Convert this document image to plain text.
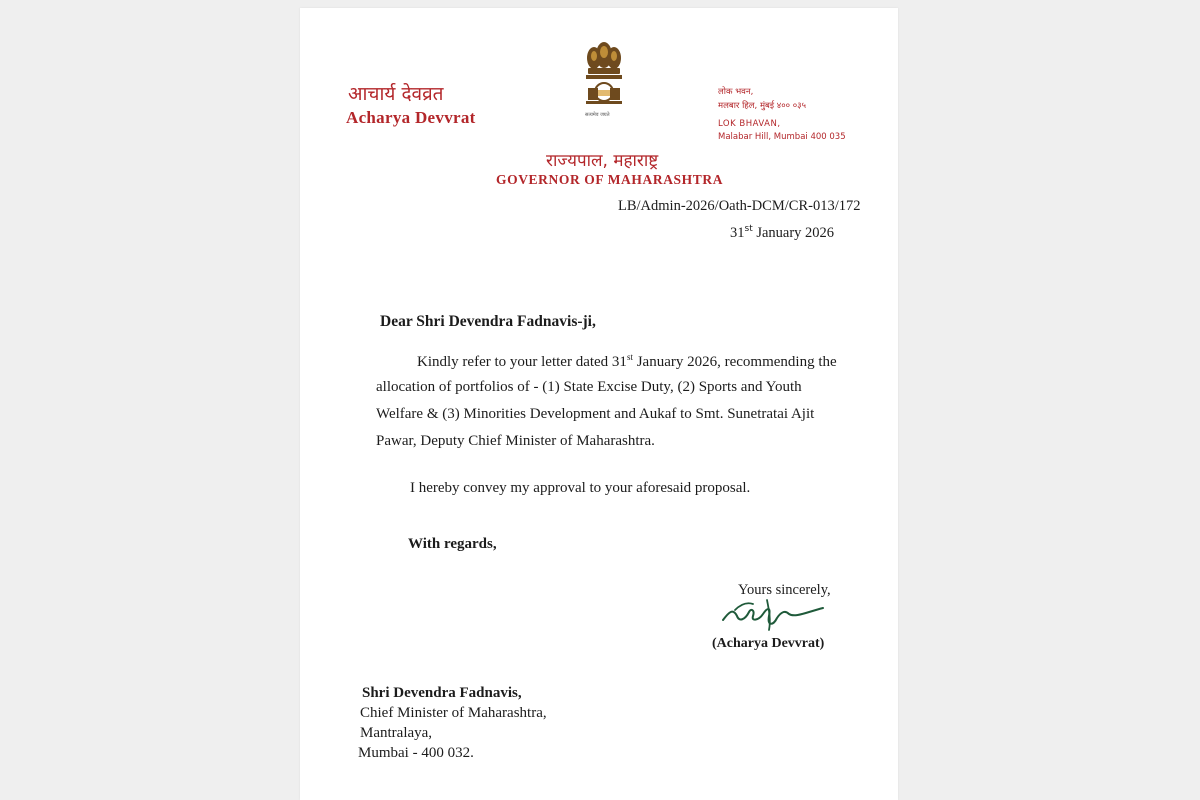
आचार्य देवव्रत
Acharya Devvrat	सत्यमेव जयते
लोक भवन,
मलबार हिल, मुंबई ४०० ०३५
LOK BHAVAN,
Malabar Hill, Mumbai 400 035
राज्यपाल, महाराष्ट्र
GOVERNOR OF MAHARASHTRA
LB/Admin-2026/Oath-DCM/CR-013/172
31st January 2026
Dear Shri Devendra Fadnavis-ji,
Kindly refer to your letter dated 31st January 2026, recommending the
allocation of portfolios of - (1) State Excise Duty, (2) Sports and Youth
Welfare & (3) Minorities Development and Aukaf to Smt. Sunetratai Ajit
Pawar, Deputy Chief Minister of Maharashtra.
I hereby convey my approval to your aforesaid proposal.
With regards,
Yours sincerely,
(Acharya Devvrat)
Shri Devendra Fadnavis,
Chief Minister of Maharashtra,
Mantralaya,
Mumbai - 400 032.
